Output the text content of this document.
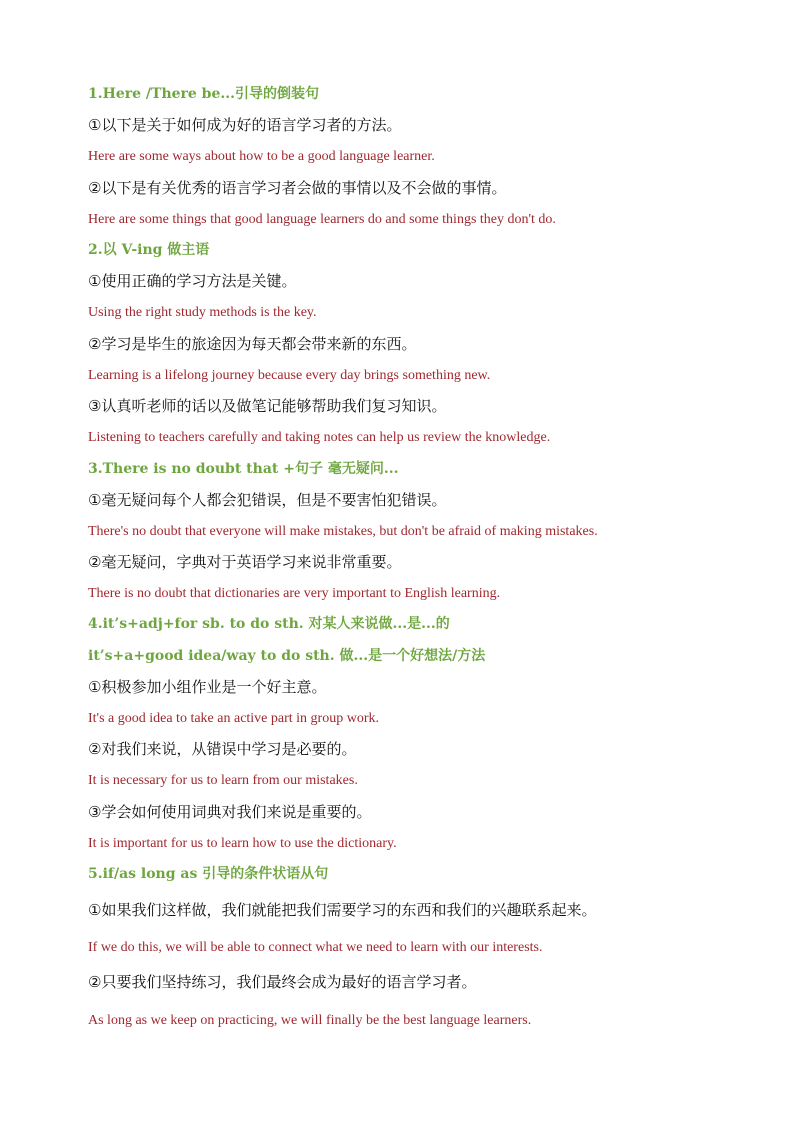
1.Here /There be...引导的倒装句
①以下是关于如何成为好的语言学习者的方法。
Here are some ways about how to be a good language learner.
②以下是有关优秀的语言学习者会做的事情以及不会做的事情。
Here are some things that good language learners do and some things they don't do.
2.以 V-ing 做主语
①使用正确的学习方法是关键。
Using the right study methods is the key.
②学习是毕生的旅途因为每天都会带来新的东西。
Learning is a lifelong journey because every day brings something new.
③认真听老师的话以及做笔记能够帮助我们复习知识。
Listening to teachers carefully and taking notes can help us review the knowledge.
3.There is no doubt that +句子 毫无疑问...
①毫无疑问每个人都会犯错误，但是不要害怕犯错误。
There's no doubt that everyone will make mistakes, but don't be afraid of making mistakes.
②毫无疑问，字典对于英语学习来说非常重要。
There is no doubt that dictionaries are very important to English learning.
4.it’s+adj+for sb. to do sth. 对某人来说做...是...的
it’s+a+good idea/way to do sth. 做...是一个好想法/方法
①积极参加小组作业是一个好主意。
It's a good idea to take an active part in group work.
②对我们来说，从错误中学习是必要的。
It is necessary for us to learn from our mistakes.
③学会如何使用词典对我们来说是重要的。
It is important for us to learn how to use the dictionary.
5.if/as long as 引导的条件状语从句
①如果我们这样做，我们就能把我们需要学习的东西和我们的兴趣联系起来。
If we do this, we will be able to connect what we need to learn with our interests.
②只要我们坚持练习，我们最终会成为最好的语言学习者。
As long as we keep on practicing, we will finally be the best language learners.
